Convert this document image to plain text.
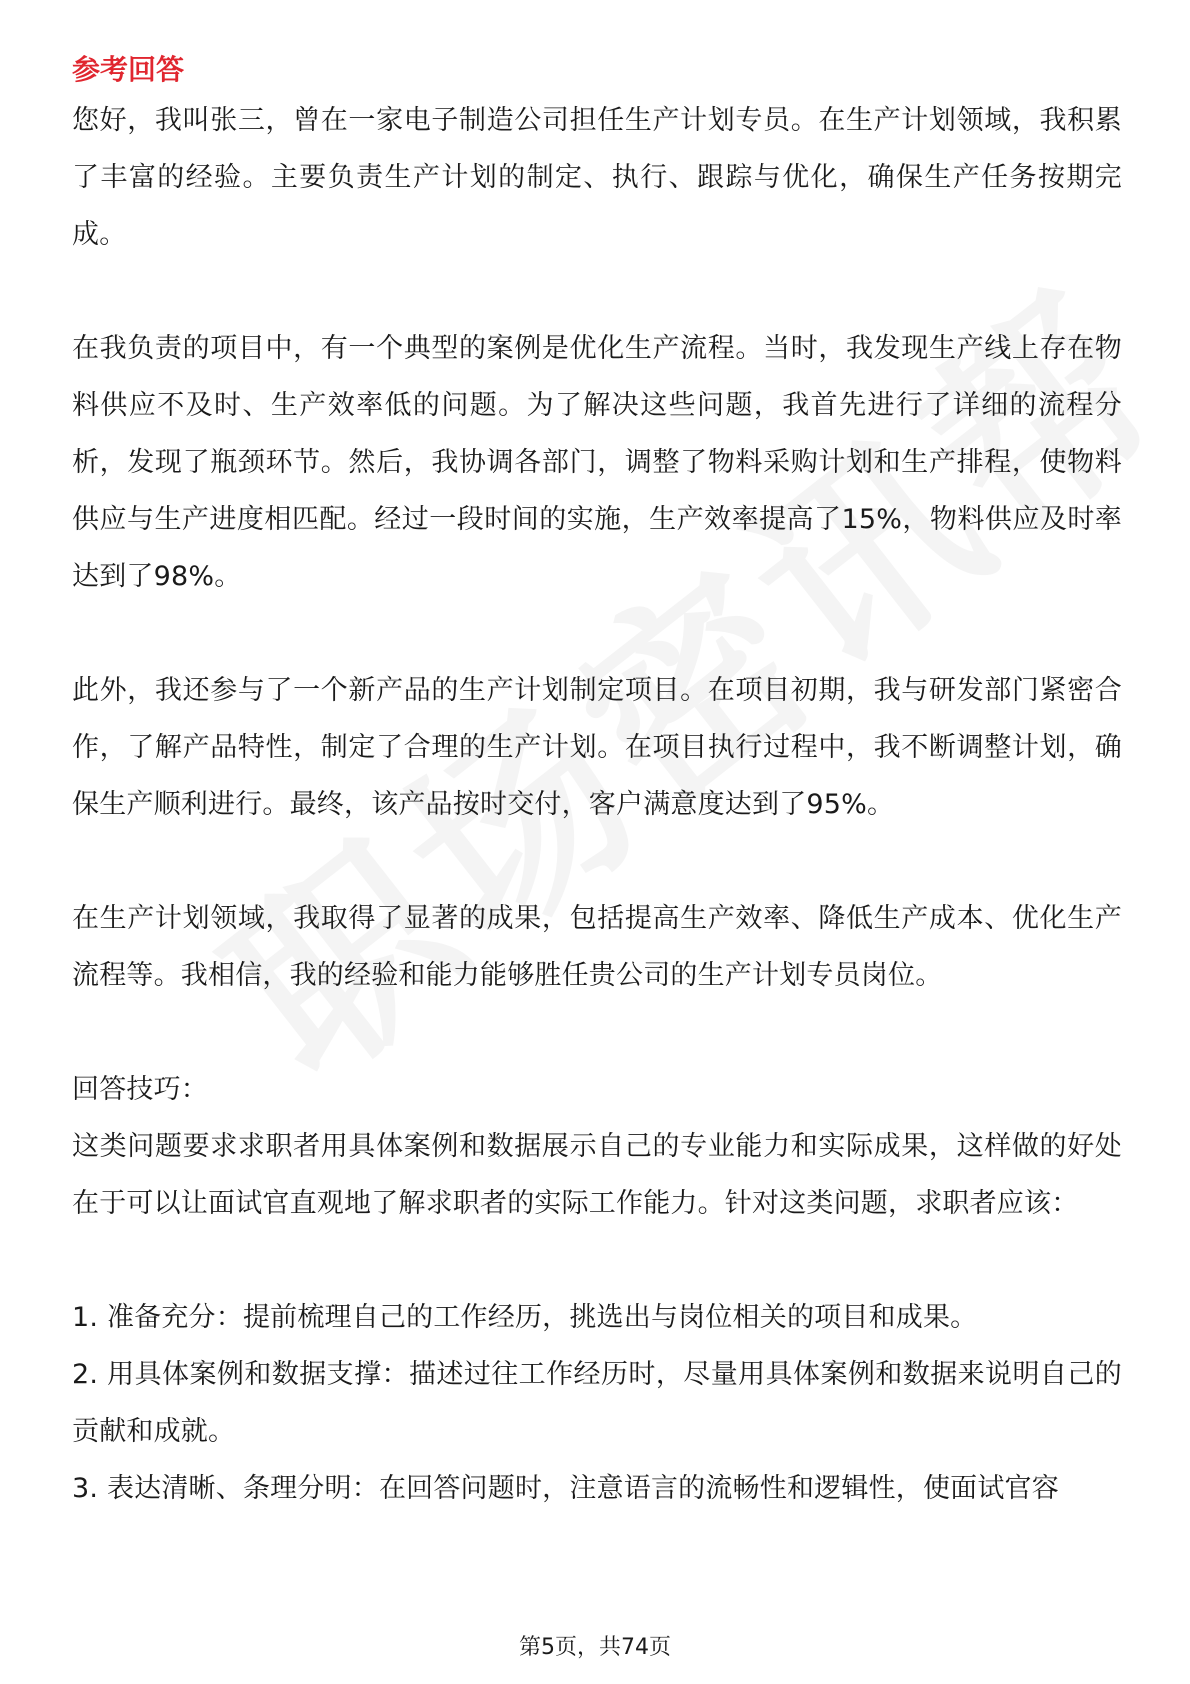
参考回答

您好，我叫张三，曾在一家电子制造公司担任生产计划专员。在生产计划领域，我积累了丰富的经验。主要负责生产计划的制定、执行、跟踪与优化，确保生产任务按期完成。

在我负责的项目中，有一个典型的案例是优化生产流程。当时，我发现生产线上存在物料供应不及时、生产效率低的问题。为了解决这些问题，我首先进行了详细的流程分析，发现了瓶颈环节。然后，我协调各部门，调整了物料采购计划和生产排程，使物料供应与生产进度相匹配。经过一段时间的实施，生产效率提高了15%，物料供应及时率达到了98%。

此外，我还参与了一个新产品的生产计划制定项目。在项目初期，我与研发部门紧密合作，了解产品特性，制定了合理的生产计划。在项目执行过程中，我不断调整计划，确保生产顺利进行。最终，该产品按时交付，客户满意度达到了95%。

在生产计划领域，我取得了显著的成果，包括提高生产效率、降低生产成本、优化生产流程等。我相信，我的经验和能力能够胜任贵公司的生产计划专员岗位。

回答技巧：

这类问题要求求职者用具体案例和数据展示自己的专业能力和实际成果，这样做的好处在于可以让面试官直观地了解求职者的实际工作能力。针对这类问题，求职者应该：

1. 准备充分：提前梳理自己的工作经历，挑选出与岗位相关的项目和成果。

2. 用具体案例和数据支撑：描述过往工作经历时，尽量用具体案例和数据来说明自己的贡献和成就。

3. 表达清晰、条理分明：在回答问题时，注意语言的流畅性和逻辑性，使面试官容

第5页，共74页
